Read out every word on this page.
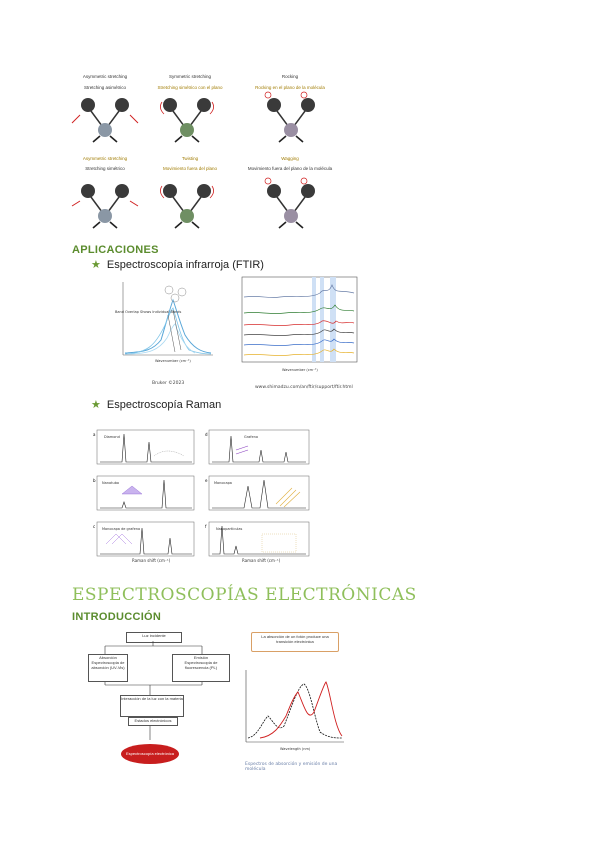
Asymmetric stretching
Stretching asimétrico
Symmetric stretching
Stretching simétrico con el plano
Rocking
Rocking en el plano de la molécula
Asymmetric stretching
Stretching simétrico
Twisting
Movimiento fuera del plano
Wagging
Movimiento fuera del plano de la molécula
APLICACIONES
★ Espectroscopía infrarroja (FTIR)
Band Overlap Shows Individual Bands
Wavenumber (cm⁻¹)
Bruker ©2023
Wavenumber (cm⁻¹)
www.shimadzu.com/an/ftir/support/ftir.html
★ Espectroscopía Raman
a Diamond	d	Grafeno
b Nanotubo	e Monocapa
c Monocapa de grafeno	f	Nanopartículas
Raman shift (cm⁻¹)	Raman shift (cm⁻¹)
ESPECTROSCOPÍAS ELECTRÓNICAS
INTRODUCCIÓN
Luz incidente
Absorción
Espectroscopia de absorción (UV-Vis)
Emisión
Espectroscopia de fluorescencia (PL)
Interacción de la luz con la materia
Estados electrónicos
Espectroscopía electrónica
La absorción de un fotón produce una transición electrónica
Wavelength (nm)
Espectros de absorción y emisión de una molécula
